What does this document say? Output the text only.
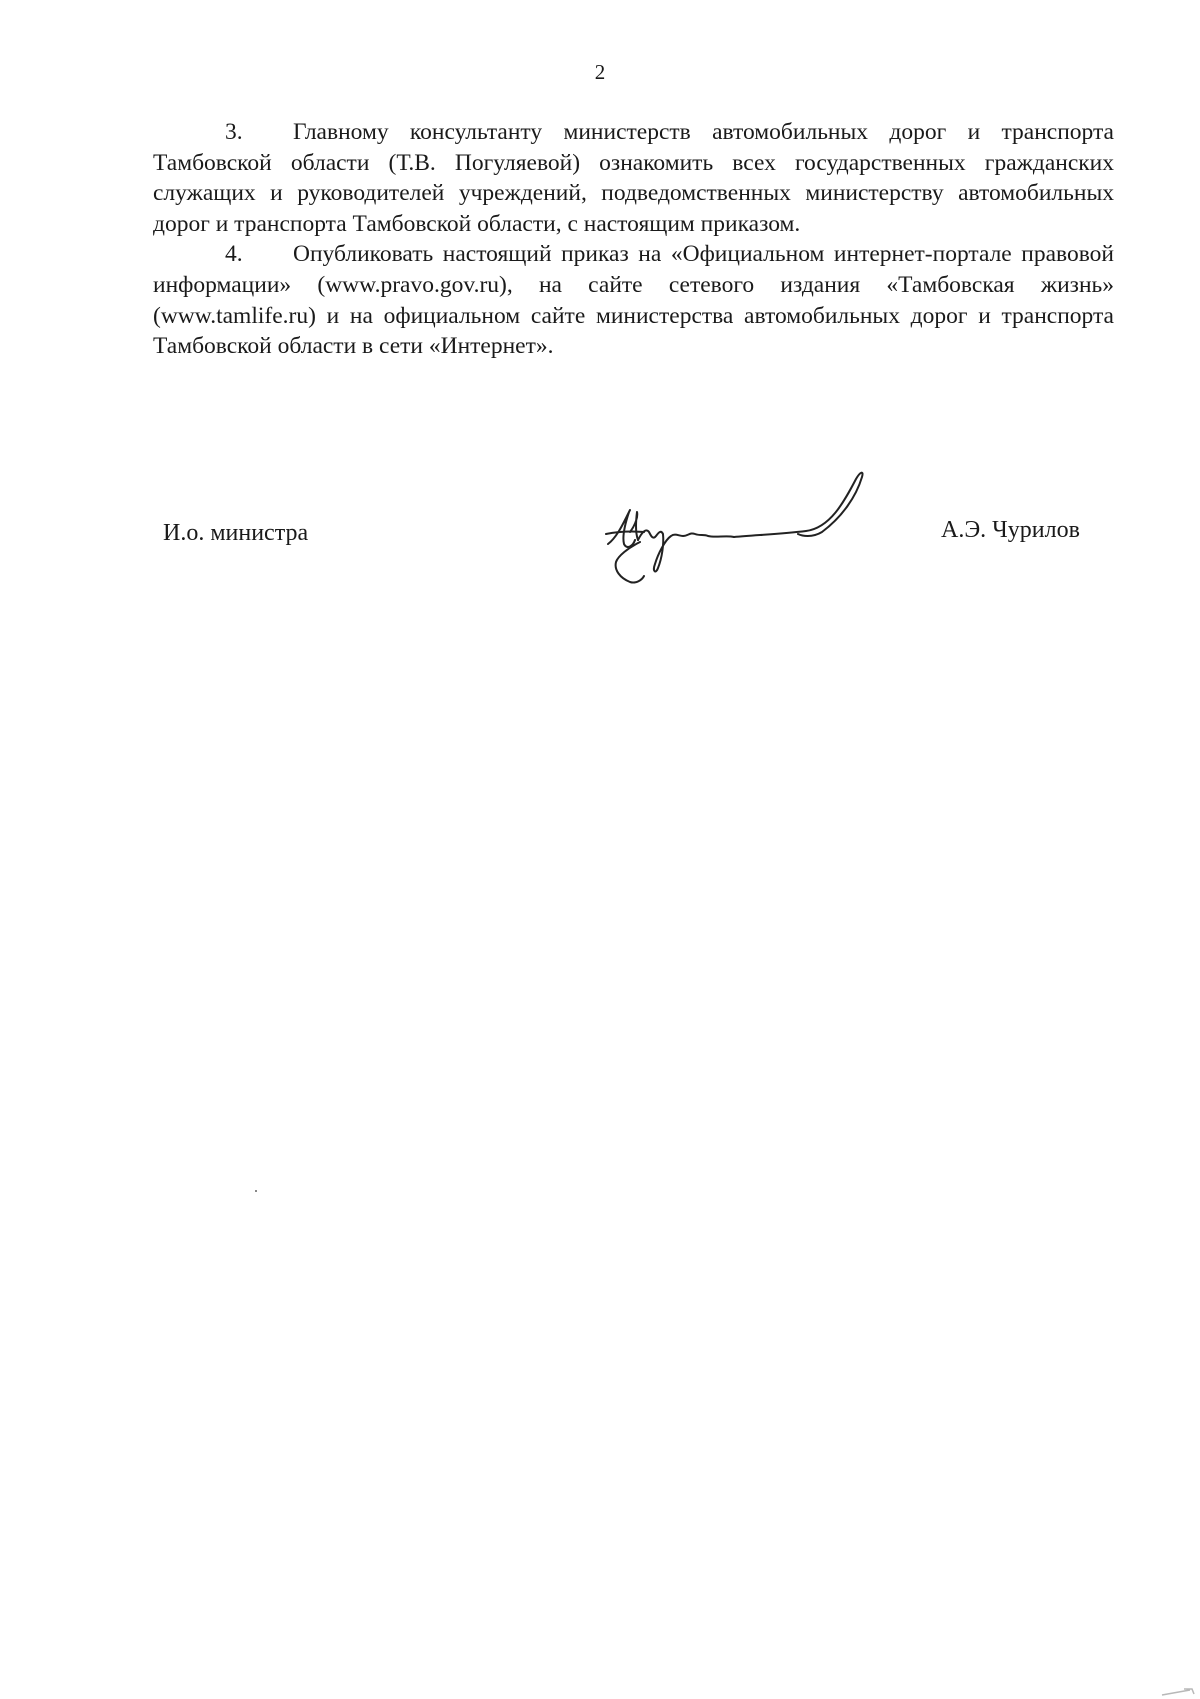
2

3. Главному консультанту министерств автомобильных дорог и транспорта Тамбовской области (Т.В. Погуляевой) ознакомить всех государственных гражданских служащих и руководителей учреждений, подведомственных министерству автомобильных дорог и транспорта Тамбовской области, с настоящим приказом.

4. Опубликовать настоящий приказ на «Официальном интернет-портале правовой информации» (www.pravo.gov.ru), на сайте сетевого издания «Тамбовская жизнь» (www.tamlife.ru) и на официальном сайте министерства автомобильных дорог и транспорта Тамбовской области в сети «Интернет».

И.о. министра	А.Э. Чурилов
